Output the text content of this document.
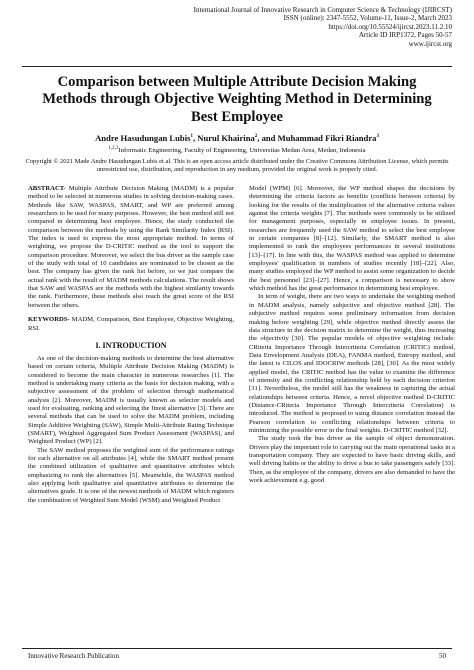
International Journal of Innovative Research in Computer Science & Technology (IJIRCST)
ISSN (online): 2347-5552, Volume-11, Issue-2, March 2023
https://doi.org/10.55524/ijircst.2023.11.2.10
Article ID IRP1372, Pages 50-57
www.ijircst.org
Comparison between Multiple Attribute Decision Making Methods through Objective Weighting Method in Determining Best Employee
Andre Hasudungan Lubis$^1$, Nurul Khairina$^2$, and Muhammad Fikri Riandra$^3$
$^{1,2,3}$Informatic Engineering, Faculty of Engineering, Universitas Medan Area, Medan, Indonesia
Copyright © 2021 Made Andre Hasudungan Lubis et al. This is an open access article distributed under the Creative Commons Attribution License, which permits unrestricted use, distribution, and reproduction in any medium, provided the original work is properly cited.

ABSTRACT- Multiple Attribute Decision Making (MADM) is a popular method to be selected in numerous studies in solving decision-making cases. Methods like SAW, WASPAS, SMART, and WP are preferred among researchers to be used for many purposes. However, the best method still not compared in determining best employee. Hence, the study conducted the comparison between the methods by using the Rank Similarity Index (RSI). The index is used to express the most appropriate method. In terms of weighting, we propose the D-CRITIC method as the tool to support the comparison procedure. Moreover, we select the bus driver as the sample case of the study with total of 10 candidates are nominated to be chosen as the best. The company has given the rank list before, so we just compare the actual rank with the result of MADM methods calculations. The result shows that SAW and WASPAS are the methods with the highest similarity towards the rank. Furthermore, these methods also reach the great score of the RSI between the others.

KEYWORDS- MADM, Comparison, Best Employee, Objective Weighting, RSI.

I. INTRODUCTION

As one of the decision-making methods to determine the best alternative based on certain criteria, Multiple Attribute Decision Making (MADM) is considered to become the main character in numerous researches [1]. The method is undertaking many criteria as the basis for decision making, with a subjective assessment of the problem of selection through mathematical analysis [2]. Moreover, MADM is usually known as selector models and used for evaluating, ranking and selecting the finest alternative [3]. There are several methods that can be used to solve the MADM problem, including Simple Additive Weighting (SAW), Simple Multi-Attribute Rating Technique (SMART), Weighted Aggregated Sum Product Assessment (WASPAS), and Weighted Product (WP) [2].

The SAW method proposes the weighted sum of the performance ratings for each alternative on all attributes [4], while the SMART method present the combined utilization of qualitative and quantitative attributes which emphasizing to rank the alternatives [5]. Meanwhile, the WASPAS method also applying both qualitative and quantitative attributes to determine the alternatives grade. It is one of the newest methods of MADM which registers the combination of Weighted Sum Model (WSM) and Weighted Product

Model (WPM) [6]. Moreover, the WP method shapes the decisions by determining the criteria factors as benefits (conflicts between criteria) by looking for the results of the multiplication of the alternative criteria values against the criteria weights [7]. The methods were commonly to be utilized for management purposes, especially in employee issues. In present, researches are frequently used the SAW method to select the best employee in certain companies [8]–[12]. Similarly, the SMART method is also implemented to rank the employees performances in several institutions [13]–[17]. In line with this, the WASPAS method was applied to determine employees' qualification in numbers of studies recently [18]–[22]. Also, many studies employed the WP method to assist some organization to decide the best personnel [23]–[27]. Hence, a comparison is necessary to show which method has the great performance in determining best employee.

In term of weight, there are two ways to undertake the weighting method in MADM analysis, namely subjective and objective method [28]. The subjective method requires some preliminary information from decision making before weighting [29], while objective method directly assess the data structure in the decision matrix to determine the weight, thus increasing the objectivity [30]. The popular models of objective weighting include: CRiteria Importance Through Intercriteria Correlation (CRITIC) method, Data Envelopment Analysis (DEA), FANMA method, Entropy method, and the latest is CILOS and IDOCRIW methods [28], [30]. As the most widely applied model, the CRITIC method has the value to examine the difference of intensity and the conflicting relationship held by each decision criterion [31]. Nevertheless, the model still has the weakness in capturing the actual relationships between criteria. Hence, a novel objective method D-CRITIC (Distance-CRiteria Importance Through Intercriteria Correlation) is introduced. The method is proposed to using distance correlation instead the Pearson correlation to conflicting relationships between criteria to minimizing the possible error in the final weights. D-CRITIC method [32].

The study took the bus driver as the sample of object demonstration. Drivers play the important role to carrying out the main operational tasks in a transportation company. They are expected to have basic driving skills, and well driving habits or the ability to drive a bus to take passengers safely [33]. Then, as the employee of the company, drivers are also demanded to have the work achievement e.g. good

Innovative Research Publication	50
